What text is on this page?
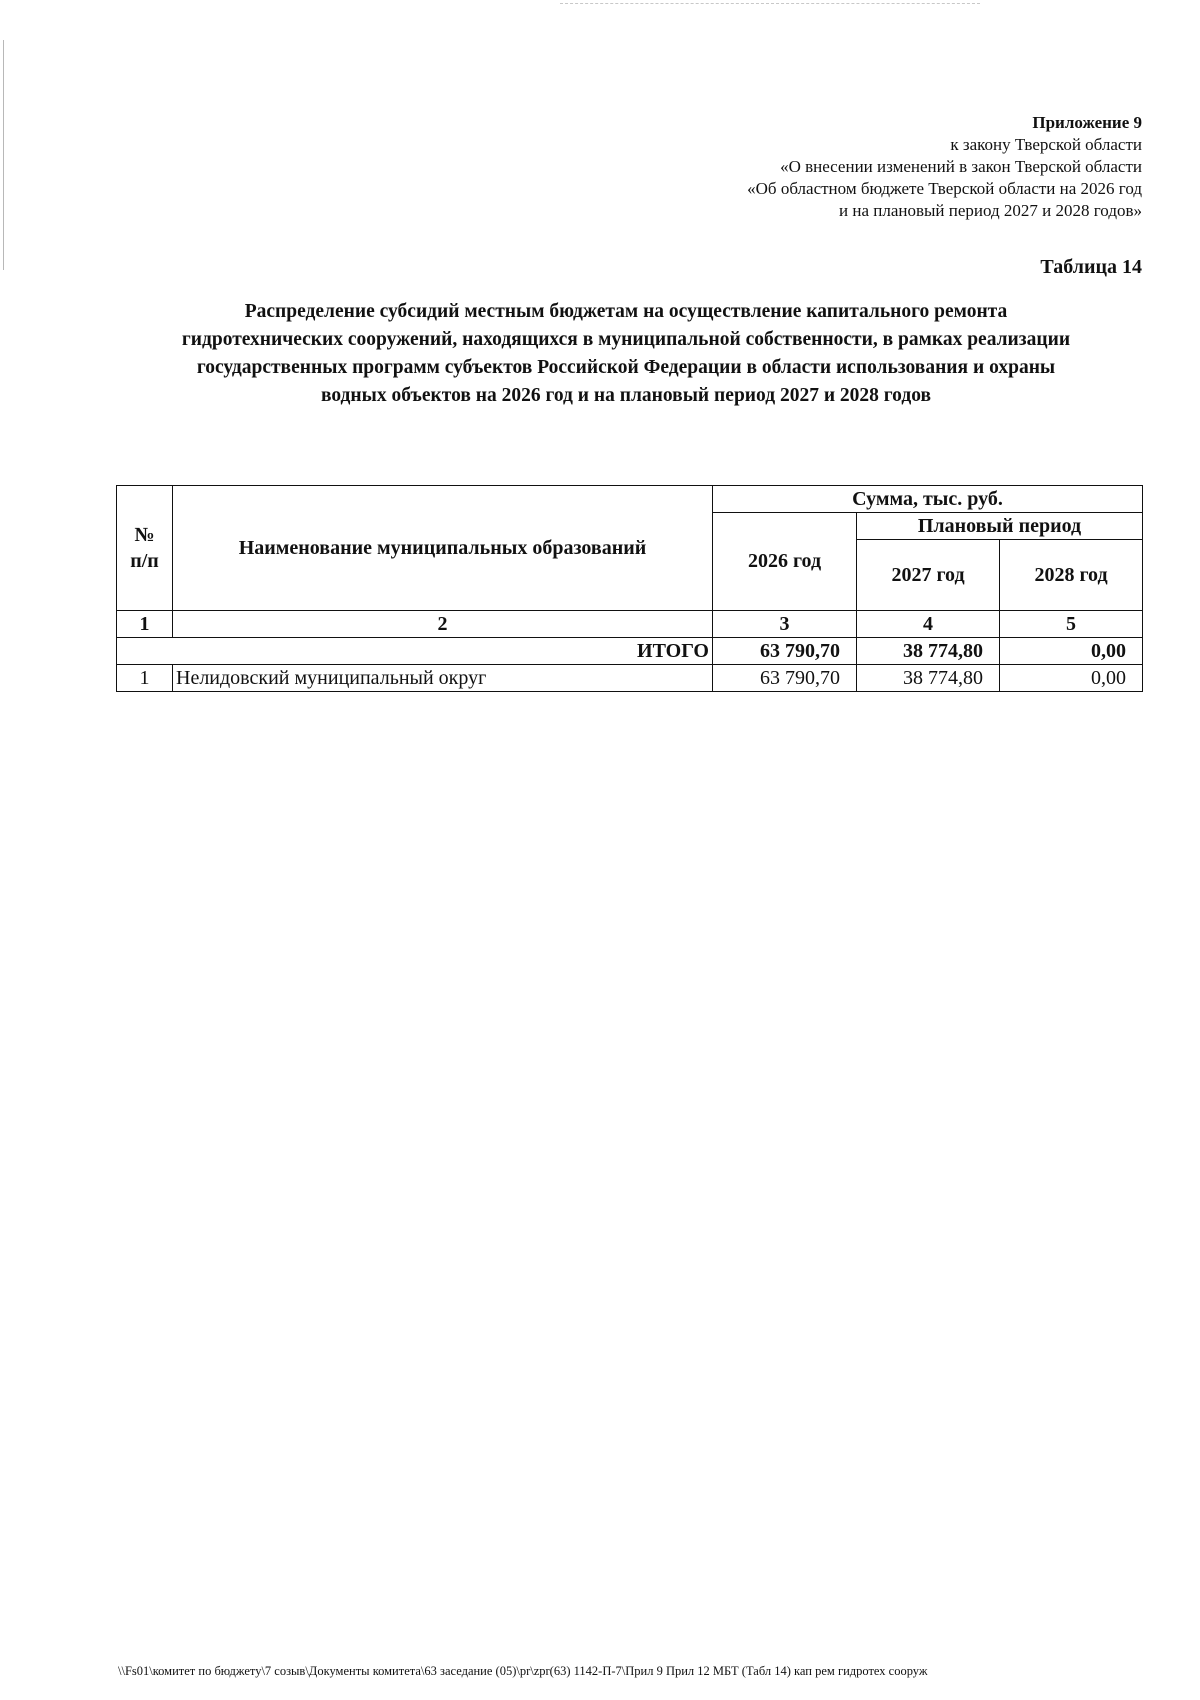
Приложение 9
к закону Тверской области
«О внесении изменений в закон Тверской области
«Об областном бюджете Тверской области на 2026 год
и на плановый период 2027 и 2028 годов»
Таблица 14
Распределение субсидий местным бюджетам на осуществление капитального ремонта
гидротехнических сооружений, находящихся в муниципальной собственности, в рамках реализации
государственных программ субъектов Российской Федерации в области использования и охраны
водных объектов на 2026 год и на плановый период 2027 и 2028 годов
№
п/п	Наименование муниципальных образований	Сумма, тыс. руб.		
		2026 год	Плановый период	
			2027 год	2028 год
1	2	3	4	5
ИТОГО		63 790,70	38 774,80	0,00
1	Нелидовский муниципальный округ	63 790,70	38 774,80	0,00
\\Fs01\комитет по бюджету\7 созыв\Документы комитета\63 заседание (05)\pr\zpr(63) 1142-П-7\Прил 9 Прил 12 МБТ (Табл 14) кап рем гидротех сооруж
